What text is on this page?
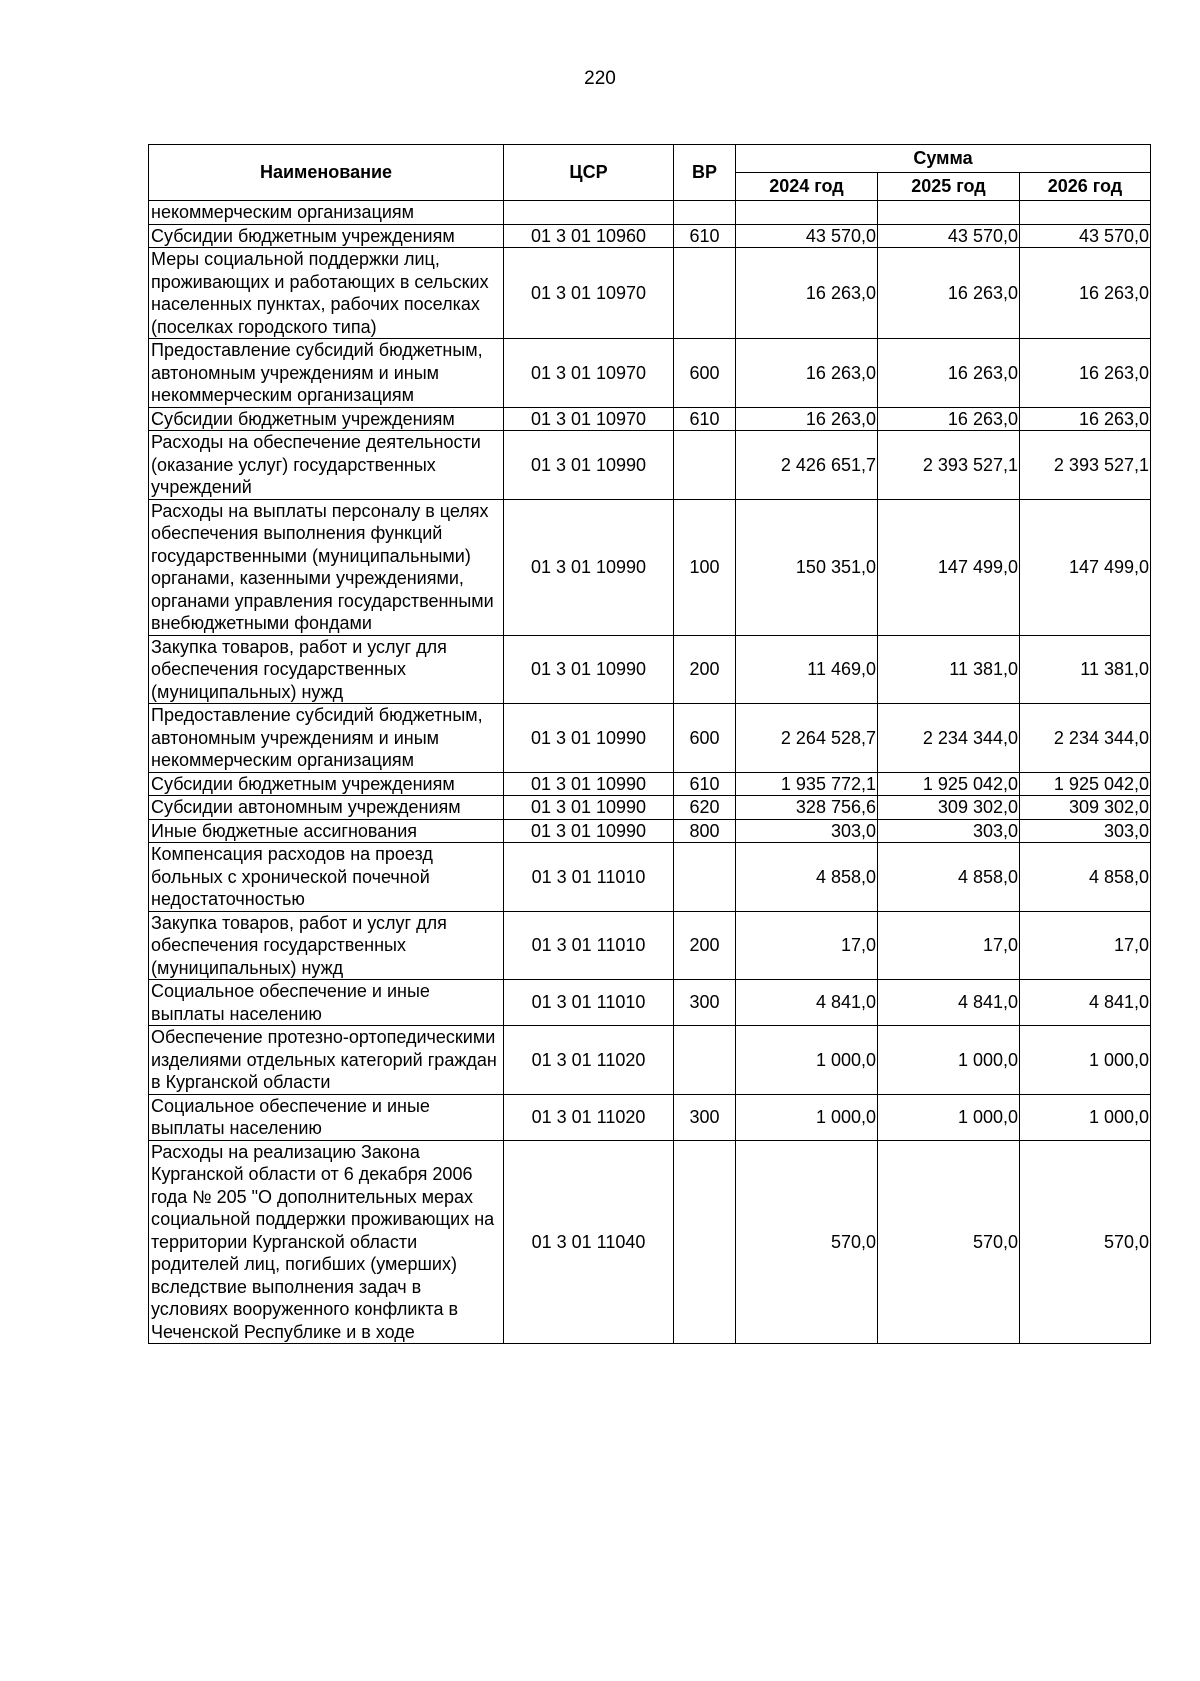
220
Наименование	ЦСР	ВР	Сумма		
			2024 год	2025 год	2026 год
некоммерческим организациям					
Субсидии бюджетным учреждениям	01 3 01 10960	610	43 570,0	43 570,0	43 570,0
Меры социальной поддержки лиц, проживающих и работающих в сельских населенных пунктах, рабочих поселках (поселках городского типа)	01 3 01 10970		16 263,0	16 263,0	16 263,0
Предоставление субсидий бюджетным, автономным учреждениям и иным некоммерческим организациям	01 3 01 10970	600	16 263,0	16 263,0	16 263,0
Субсидии бюджетным учреждениям	01 3 01 10970	610	16 263,0	16 263,0	16 263,0
Расходы на обеспечение деятельности (оказание услуг) государственных учреждений	01 3 01 10990		2 426 651,7	2 393 527,1	2 393 527,1
Расходы на выплаты персоналу в целях обеспечения выполнения функций государственными (муниципальными) органами, казенными учреждениями, органами управления государственными внебюджетными фондами	01 3 01 10990	100	150 351,0	147 499,0	147 499,0
Закупка товаров, работ и услуг для обеспечения государственных (муниципальных) нужд	01 3 01 10990	200	11 469,0	11 381,0	11 381,0
Предоставление субсидий бюджетным, автономным учреждениям и иным некоммерческим организациям	01 3 01 10990	600	2 264 528,7	2 234 344,0	2 234 344,0
Субсидии бюджетным учреждениям	01 3 01 10990	610	1 935 772,1	1 925 042,0	1 925 042,0
Субсидии автономным учреждениям	01 3 01 10990	620	328 756,6	309 302,0	309 302,0
Иные бюджетные ассигнования	01 3 01 10990	800	303,0	303,0	303,0
Компенсация расходов на проезд больных с хронической почечной недостаточностью	01 3 01 11010		4 858,0	4 858,0	4 858,0
Закупка товаров, работ и услуг для обеспечения государственных (муниципальных) нужд	01 3 01 11010	200	17,0	17,0	17,0
Социальное обеспечение и иные выплаты населению	01 3 01 11010	300	4 841,0	4 841,0	4 841,0
Обеспечение протезно-ортопедическими изделиями отдельных категорий граждан в Курганской области	01 3 01 11020		1 000,0	1 000,0	1 000,0
Социальное обеспечение и иные выплаты населению	01 3 01 11020	300	1 000,0	1 000,0	1 000,0
Расходы на реализацию Закона Курганской области от 6 декабря 2006 года № 205 "О дополнительных мерах социальной поддержки проживающих на территории Курганской области родителей лиц, погибших (умерших) вследствие выполнения задач в условиях вооруженного конфликта в Чеченской Республике и в ходе	01 3 01 11040		570,0	570,0	570,0
